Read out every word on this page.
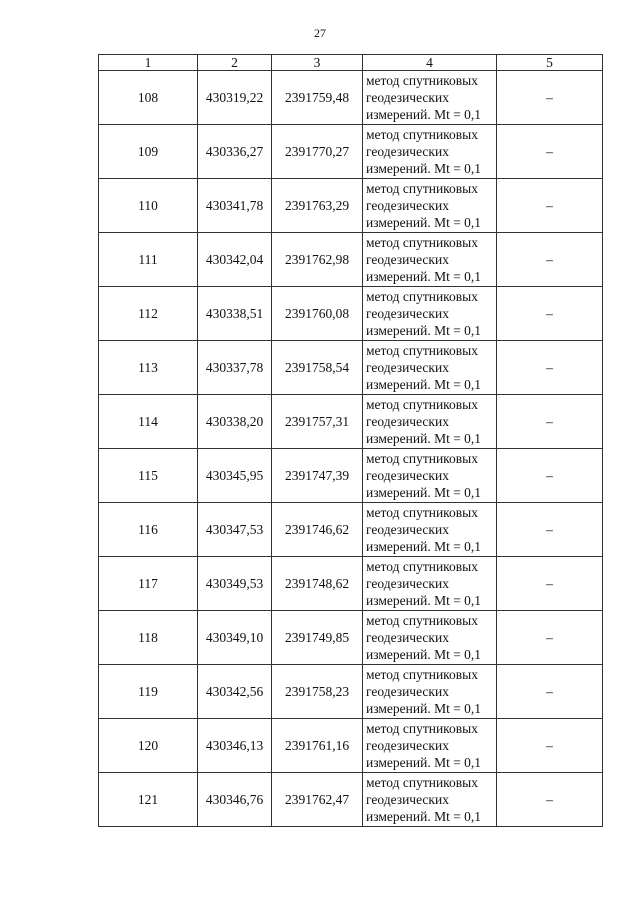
27
1	2	3	4	5
108	430319,22	2391759,48	метод спутниковых
геодезических
измерений. Mt = 0,1	–
109	430336,27	2391770,27	метод спутниковых
геодезических
измерений. Mt = 0,1	–
110	430341,78	2391763,29	метод спутниковых
геодезических
измерений. Mt = 0,1	–
111	430342,04	2391762,98	метод спутниковых
геодезических
измерений. Mt = 0,1	–
112	430338,51	2391760,08	метод спутниковых
геодезических
измерений. Mt = 0,1	–
113	430337,78	2391758,54	метод спутниковых
геодезических
измерений. Mt = 0,1	–
114	430338,20	2391757,31	метод спутниковых
геодезических
измерений. Mt = 0,1	–
115	430345,95	2391747,39	метод спутниковых
геодезических
измерений. Mt = 0,1	–
116	430347,53	2391746,62	метод спутниковых
геодезических
измерений. Mt = 0,1	–
117	430349,53	2391748,62	метод спутниковых
геодезических
измерений. Mt = 0,1	–
118	430349,10	2391749,85	метод спутниковых
геодезических
измерений. Mt = 0,1	–
119	430342,56	2391758,23	метод спутниковых
геодезических
измерений. Mt = 0,1	–
120	430346,13	2391761,16	метод спутниковых
геодезических
измерений. Mt = 0,1	–
121	430346,76	2391762,47	метод спутниковых
геодезических
измерений. Mt = 0,1	–
